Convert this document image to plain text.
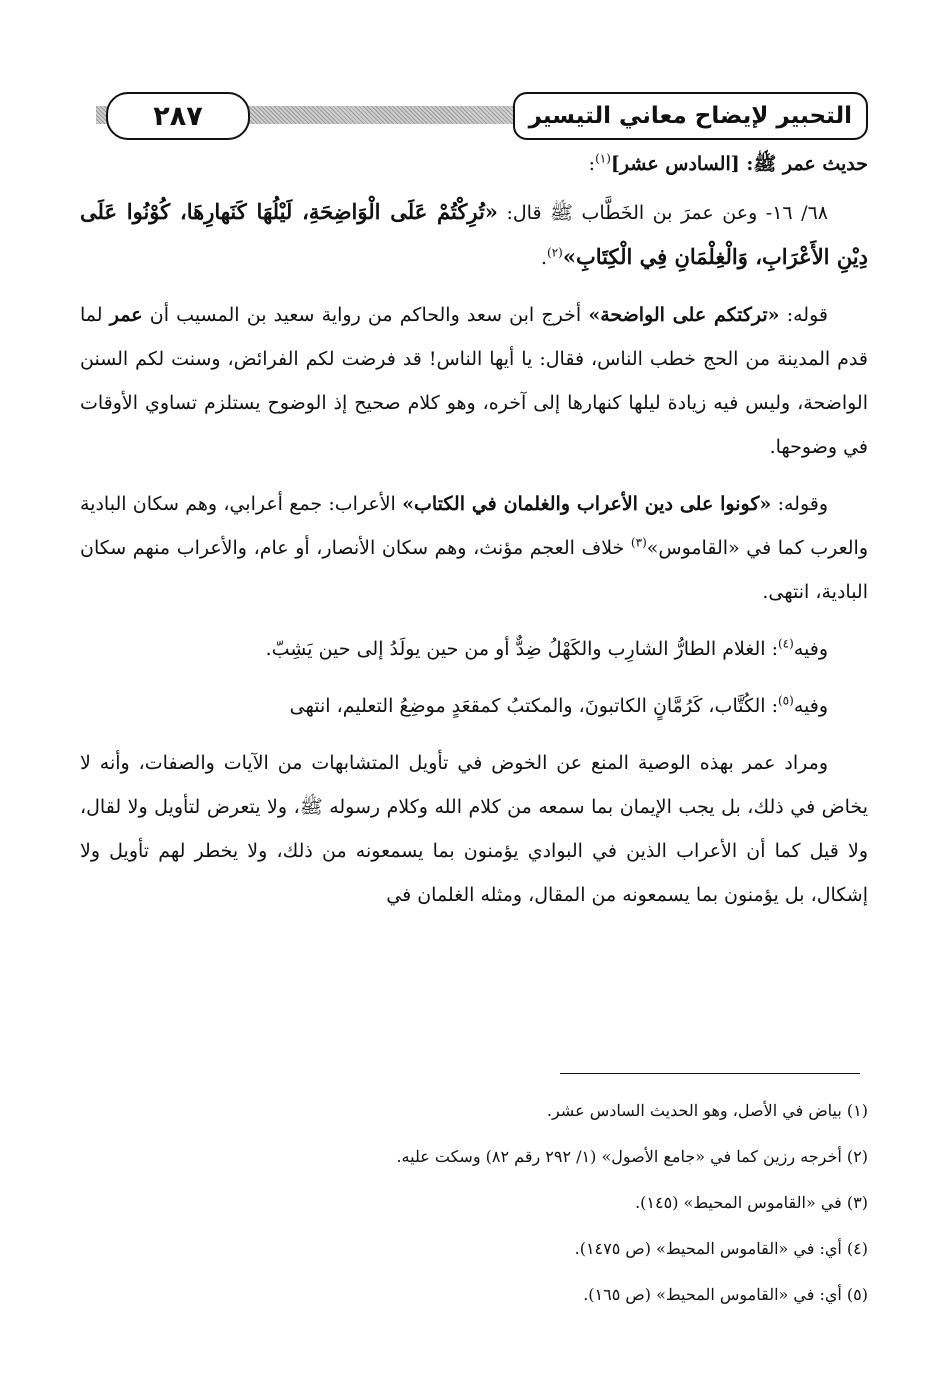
٢٨٧	التحبير لإيضاح معاني التيسير

حديث عمر ﷺ: [السادس عشر]$^{(١)}$:

٦٨/ ١٦- وعن عمرَ بن الخَطَّاب ﷺ قال: «تُرِكْتُمْ عَلَى الْوَاضِحَةِ، لَيْلُهَا كَنَهارِهَا، كُوْنُوا عَلَى دِيْنِ الأَعْرَابِ، وَالْغِلْمَانِ فِي الْكِتَابِ»$^{(٢)}$.

قوله: «تركتكم على الواضحة» أخرج ابن سعد والحاكم من رواية سعيد بن المسيب أن عمر لما قدم المدينة من الحج خطب الناس، فقال: يا أيها الناس! قد فرضت لكم الفرائض، وسنت لكم السنن الواضحة، وليس فيه زيادة ليلها كنهارها إلى آخره، وهو كلام صحيح إذ الوضوح يستلزم تساوي الأوقات في وضوحها.

وقوله: «كونوا على دين الأعراب والغلمان في الكتاب» الأعراب: جمع أعرابي، وهم سكان البادية والعرب كما في «القاموس»$^{(٣)}$ خلاف العجم مؤنث، وهم سكان الأنصار، أو عام، والأعراب منهم سكان البادية، انتهى.

وفيه$^{(٤)}$: الغلام الطارُّ الشارِب والكَهْلُ ضِدٌّ أو من حين يولَدُ إلى حين يَشِبّ.

وفيه$^{(٥)}$: الكُتَّاب، كَرُمَّانٍ الكاتبونَ، والمكتبُ كمقعَدٍ موضِعُ التعليم، انتهى

ومراد عمر بهذه الوصية المنع عن الخوض في تأويل المتشابهات من الآيات والصفات، وأنه لا يخاض في ذلك، بل يجب الإيمان بما سمعه من كلام الله وكلام رسوله ﷺ، ولا يتعرض لتأويل ولا لقال، ولا قيل كما أن الأعراب الذين في البوادي يؤمنون بما يسمعونه من ذلك، ولا يخطر لهم تأويل ولا إشكال، بل يؤمنون بما يسمعونه من المقال، ومثله الغلمان في

(١) بياض في الأصل، وهو الحديث السادس عشر.

(٢) أخرجه رزين كما في «جامع الأصول» (١/ ٢٩٢ رقم ٨٢) وسكت عليه.

(٣) في «القاموس المحيط» (١٤٥).

(٤) أي: في «القاموس المحيط» (ص ١٤٧٥).

(٥) أي: في «القاموس المحيط» (ص ١٦٥).
